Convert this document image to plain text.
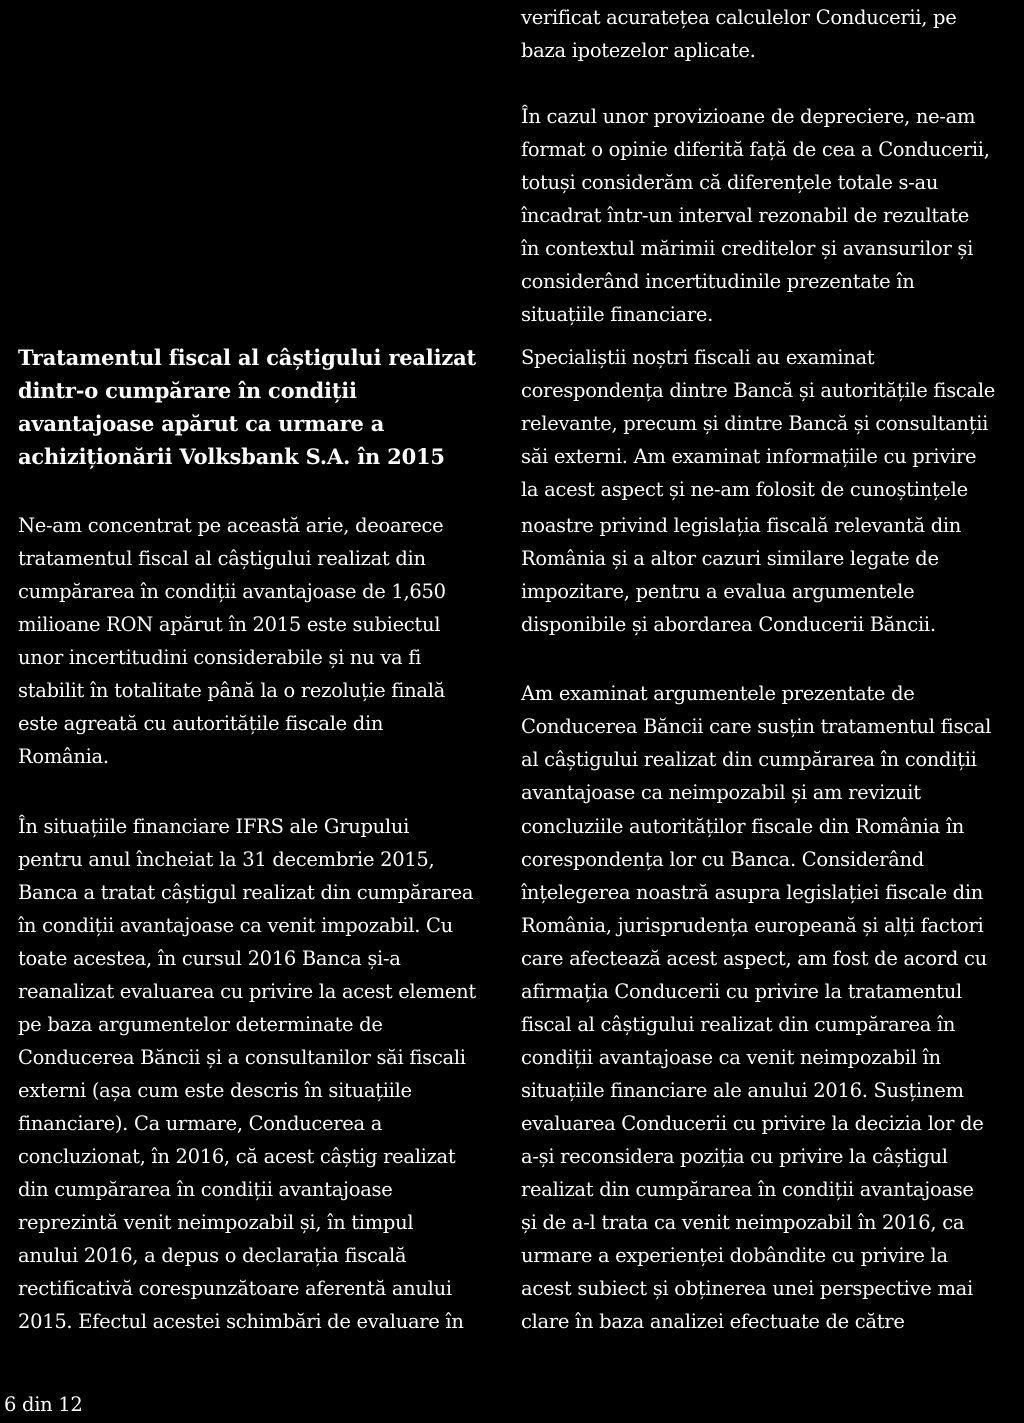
Tratamentul fiscal al câștigului realizat
dintr-o cumpărare în condiții
avantajoase apărut ca urmare a
achiziționării Volksbank S.A. în 2015
Ne-am concentrat pe această arie, deoarece
tratamentul fiscal al câștigului realizat din
cumpărarea în condiții avantajoase de 1,650
milioane RON apărut în 2015 este subiectul
unor incertitudini considerabile și nu va fi
stabilit în totalitate până la o rezoluție finală
este agreată cu autoritățile fiscale din
România.
În situațiile financiare IFRS ale Grupului
pentru anul încheiat la 31 decembrie 2015,
Banca a tratat câștigul realizat din cumpărarea
în condiții avantajoase ca venit impozabil. Cu
toate acestea, în cursul 2016 Banca și-a
reanalizat evaluarea cu privire la acest element
pe baza argumentelor determinate de
Conducerea Băncii și a consultanilor săi fiscali
externi (așa cum este descris în situațiile
financiare). Ca urmare, Conducerea a
concluzionat, în 2016, că acest câștig realizat
din cumpărarea în condiții avantajoase
reprezintă venit neimpozabil și, în timpul
anului 2016, a depus o declarația fiscală
rectificativă corespunzătoare aferentă anului
2015. Efectul acestei schimbări de evaluare în
verificat acuratețea calculelor Conducerii, pe
baza ipotezelor aplicate.
În cazul unor provizioane de depreciere, ne-am
format o opinie diferită față de cea a Conducerii,
totuși considerăm că diferențele totale s-au
încadrat într-un interval rezonabil de rezultate
în contextul mărimii creditelor și avansurilor și
considerând incertitudinile prezentate în
situațiile financiare.
Specialiștii noștri fiscali au examinat
corespondența dintre Bancă și autoritățile fiscale
relevante, precum și dintre Bancă și consultanții
săi externi. Am examinat informațiile cu privire
la acest aspect și ne-am folosit de cunoștințele
noastre privind legislația fiscală relevantă din
România și a altor cazuri similare legate de
impozitare, pentru a evalua argumentele
disponibile și abordarea Conducerii Băncii.
Am examinat argumentele prezentate de
Conducerea Băncii care susțin tratamentul fiscal
al câștigului realizat din cumpărarea în condiții
avantajoase ca neimpozabil și am revizuit
concluziile autorităților fiscale din România în
corespondența lor cu Banca. Considerând
înțelegerea noastră asupra legislației fiscale din
România, jurisprudența europeană și alți factori
care afectează acest aspect, am fost de acord cu
afirmația Conducerii cu privire la tratamentul
fiscal al câștigului realizat din cumpărarea în
condiții avantajoase ca venit neimpozabil în
situațiile financiare ale anului 2016. Susținem
evaluarea Conducerii cu privire la decizia lor de
a-și reconsidera poziția cu privire la câștigul
realizat din cumpărarea în condiții avantajoase
și de a-l trata ca venit neimpozabil în 2016, ca
urmare a experienței dobândite cu privire la
acest subiect și obținerea unei perspective mai
clare în baza analizei efectuate de către
6 din 12
